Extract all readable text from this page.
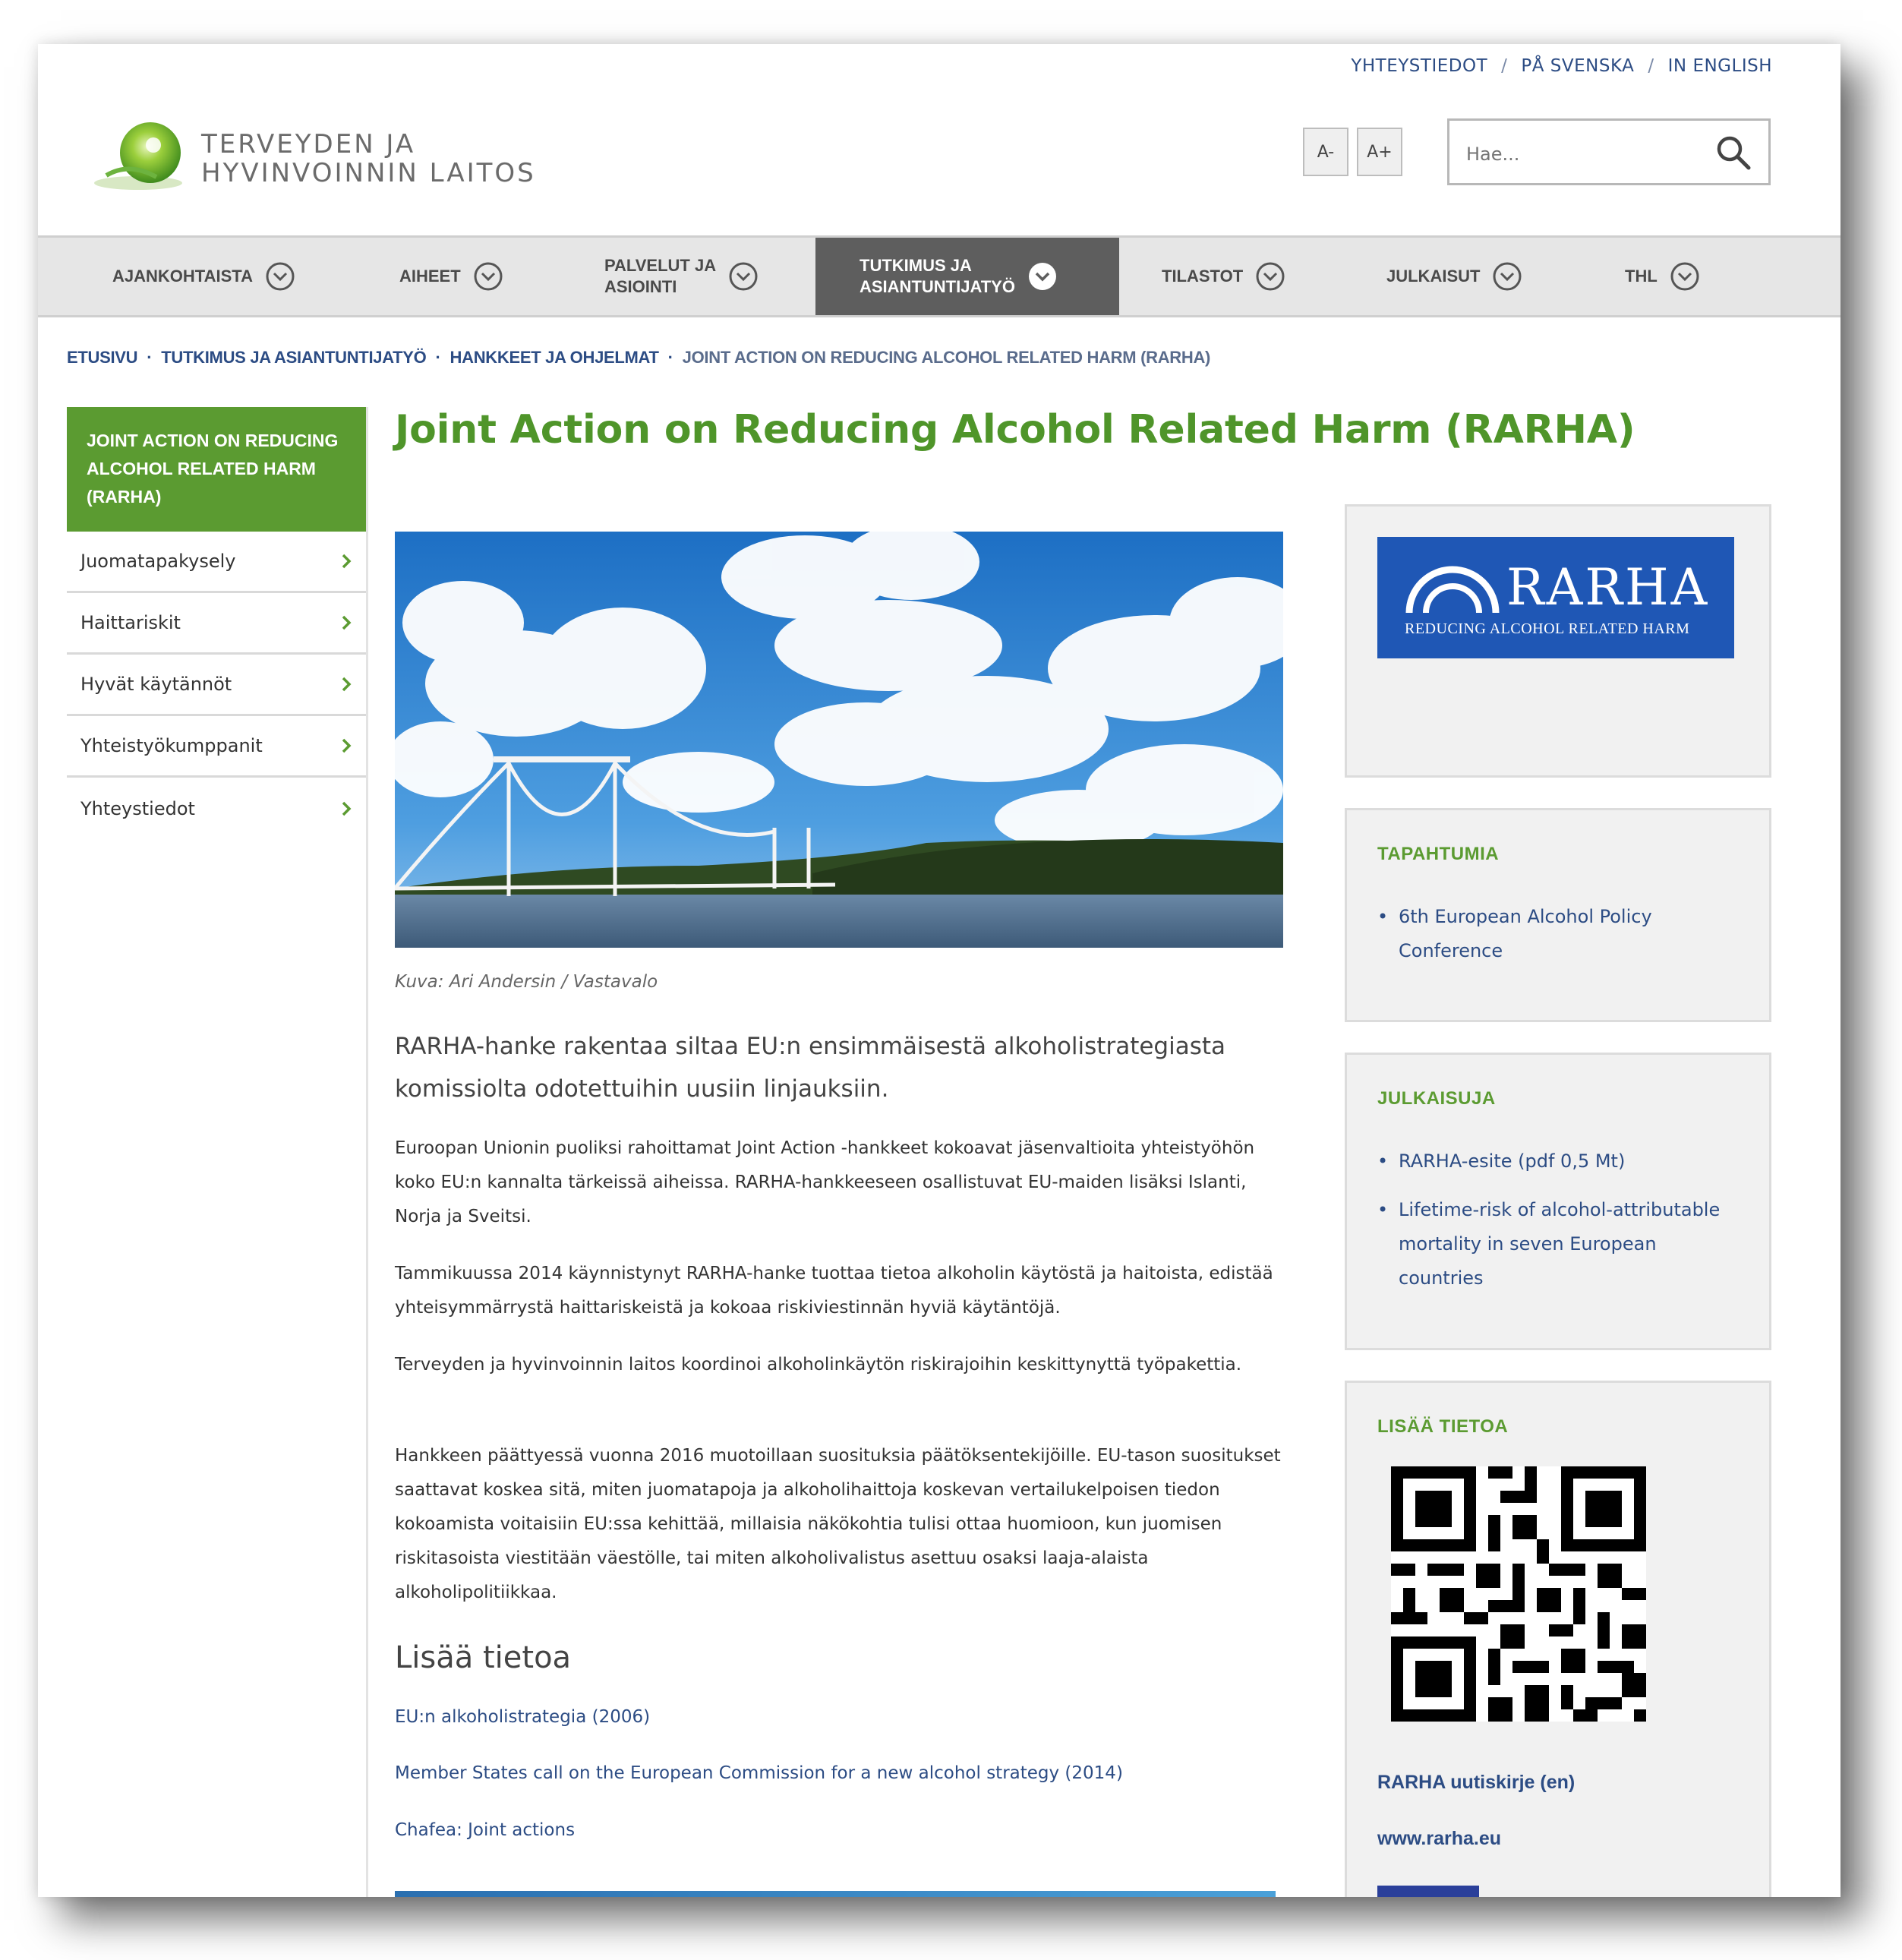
YHTEYSTIEDOT / PÅ SVENSKA / IN ENGLISH
TERVEYDEN JA
HYVINVOINNIN LAITOS
A-	A+
Hae...
AJANKOHTAISTA	AIHEET
PALVELUT JA
ASIOINTI
TUTKIMUS JA
ASIANTUNTIJATYÖ
TILASTOT	JULKAISUT	THL
ETUSIVU · TUTKIMUS JA ASIANTUNTIJATYÖ · HANKKEET JA OHJELMAT · JOINT ACTION ON REDUCING ALCOHOL RELATED HARM (RARHA)
JOINT ACTION ON REDUCING ALCOHOL RELATED HARM (RARHA)
Juomatapakysely
Haittariskit
Hyvät käytännöt
Yhteistyökumppanit
Yhteystiedot
Joint Action on Reducing Alcohol Related Harm (RARHA)
Kuva: Ari Andersin / Vastavalo
RARHA-hanke rakentaa siltaa EU:n ensimmäisestä alkoholistrategiasta komissiolta odotettuihin uusiin linjauksiin.
Euroopan Unionin puoliksi rahoittamat Joint Action -hankkeet kokoavat jäsenvaltioita yhteistyöhön koko EU:n kannalta tärkeissä aiheissa. RARHA-hankkeeseen osallistuvat EU-maiden lisäksi Islanti, Norja ja Sveitsi.
Tammikuussa 2014 käynnistynyt RARHA-hanke tuottaa tietoa alkoholin käytöstä ja haitoista, edistää yhteisymmärrystä haittariskeistä ja kokoaa riskiviestinnän hyviä käytäntöjä.
Terveyden ja hyvinvoinnin laitos koordinoi alkoholinkäytön riskirajoihin keskittynyttä työpakettia.
Hankkeen päättyessä vuonna 2016 muotoillaan suosituksia päätöksentekijöille. EU-tason suositukset saattavat koskea sitä, miten juomatapoja ja alkoholihaittoja koskevan vertailukelpoisen tiedon kokoamista voitaisiin EU:ssa kehittää, millaisia näkökohtia tulisi ottaa huomioon, kun juomisen riskitasoista viestitään väestölle, tai miten alkoholivalistus asettuu osaksi laaja-alaista alkoholipolitiikkaa.
Lisää tietoa
EU:n alkoholistrategia (2006)
Member States call on the European Commission for a new alcohol strategy (2014)
Chafea: Joint actions
RARHA
REDUCING ALCOHOL RELATED HARM
TAPAHTUMIA
• 6th European Alcohol Policy Conference
JULKAISUJA
• RARHA-esite (pdf 0,5 Mt)
• Lifetime-risk of alcohol-attributable mortality in seven European countries
LISÄÄ TIETOA
RARHA uutiskirje (en)
www.rarha.eu
